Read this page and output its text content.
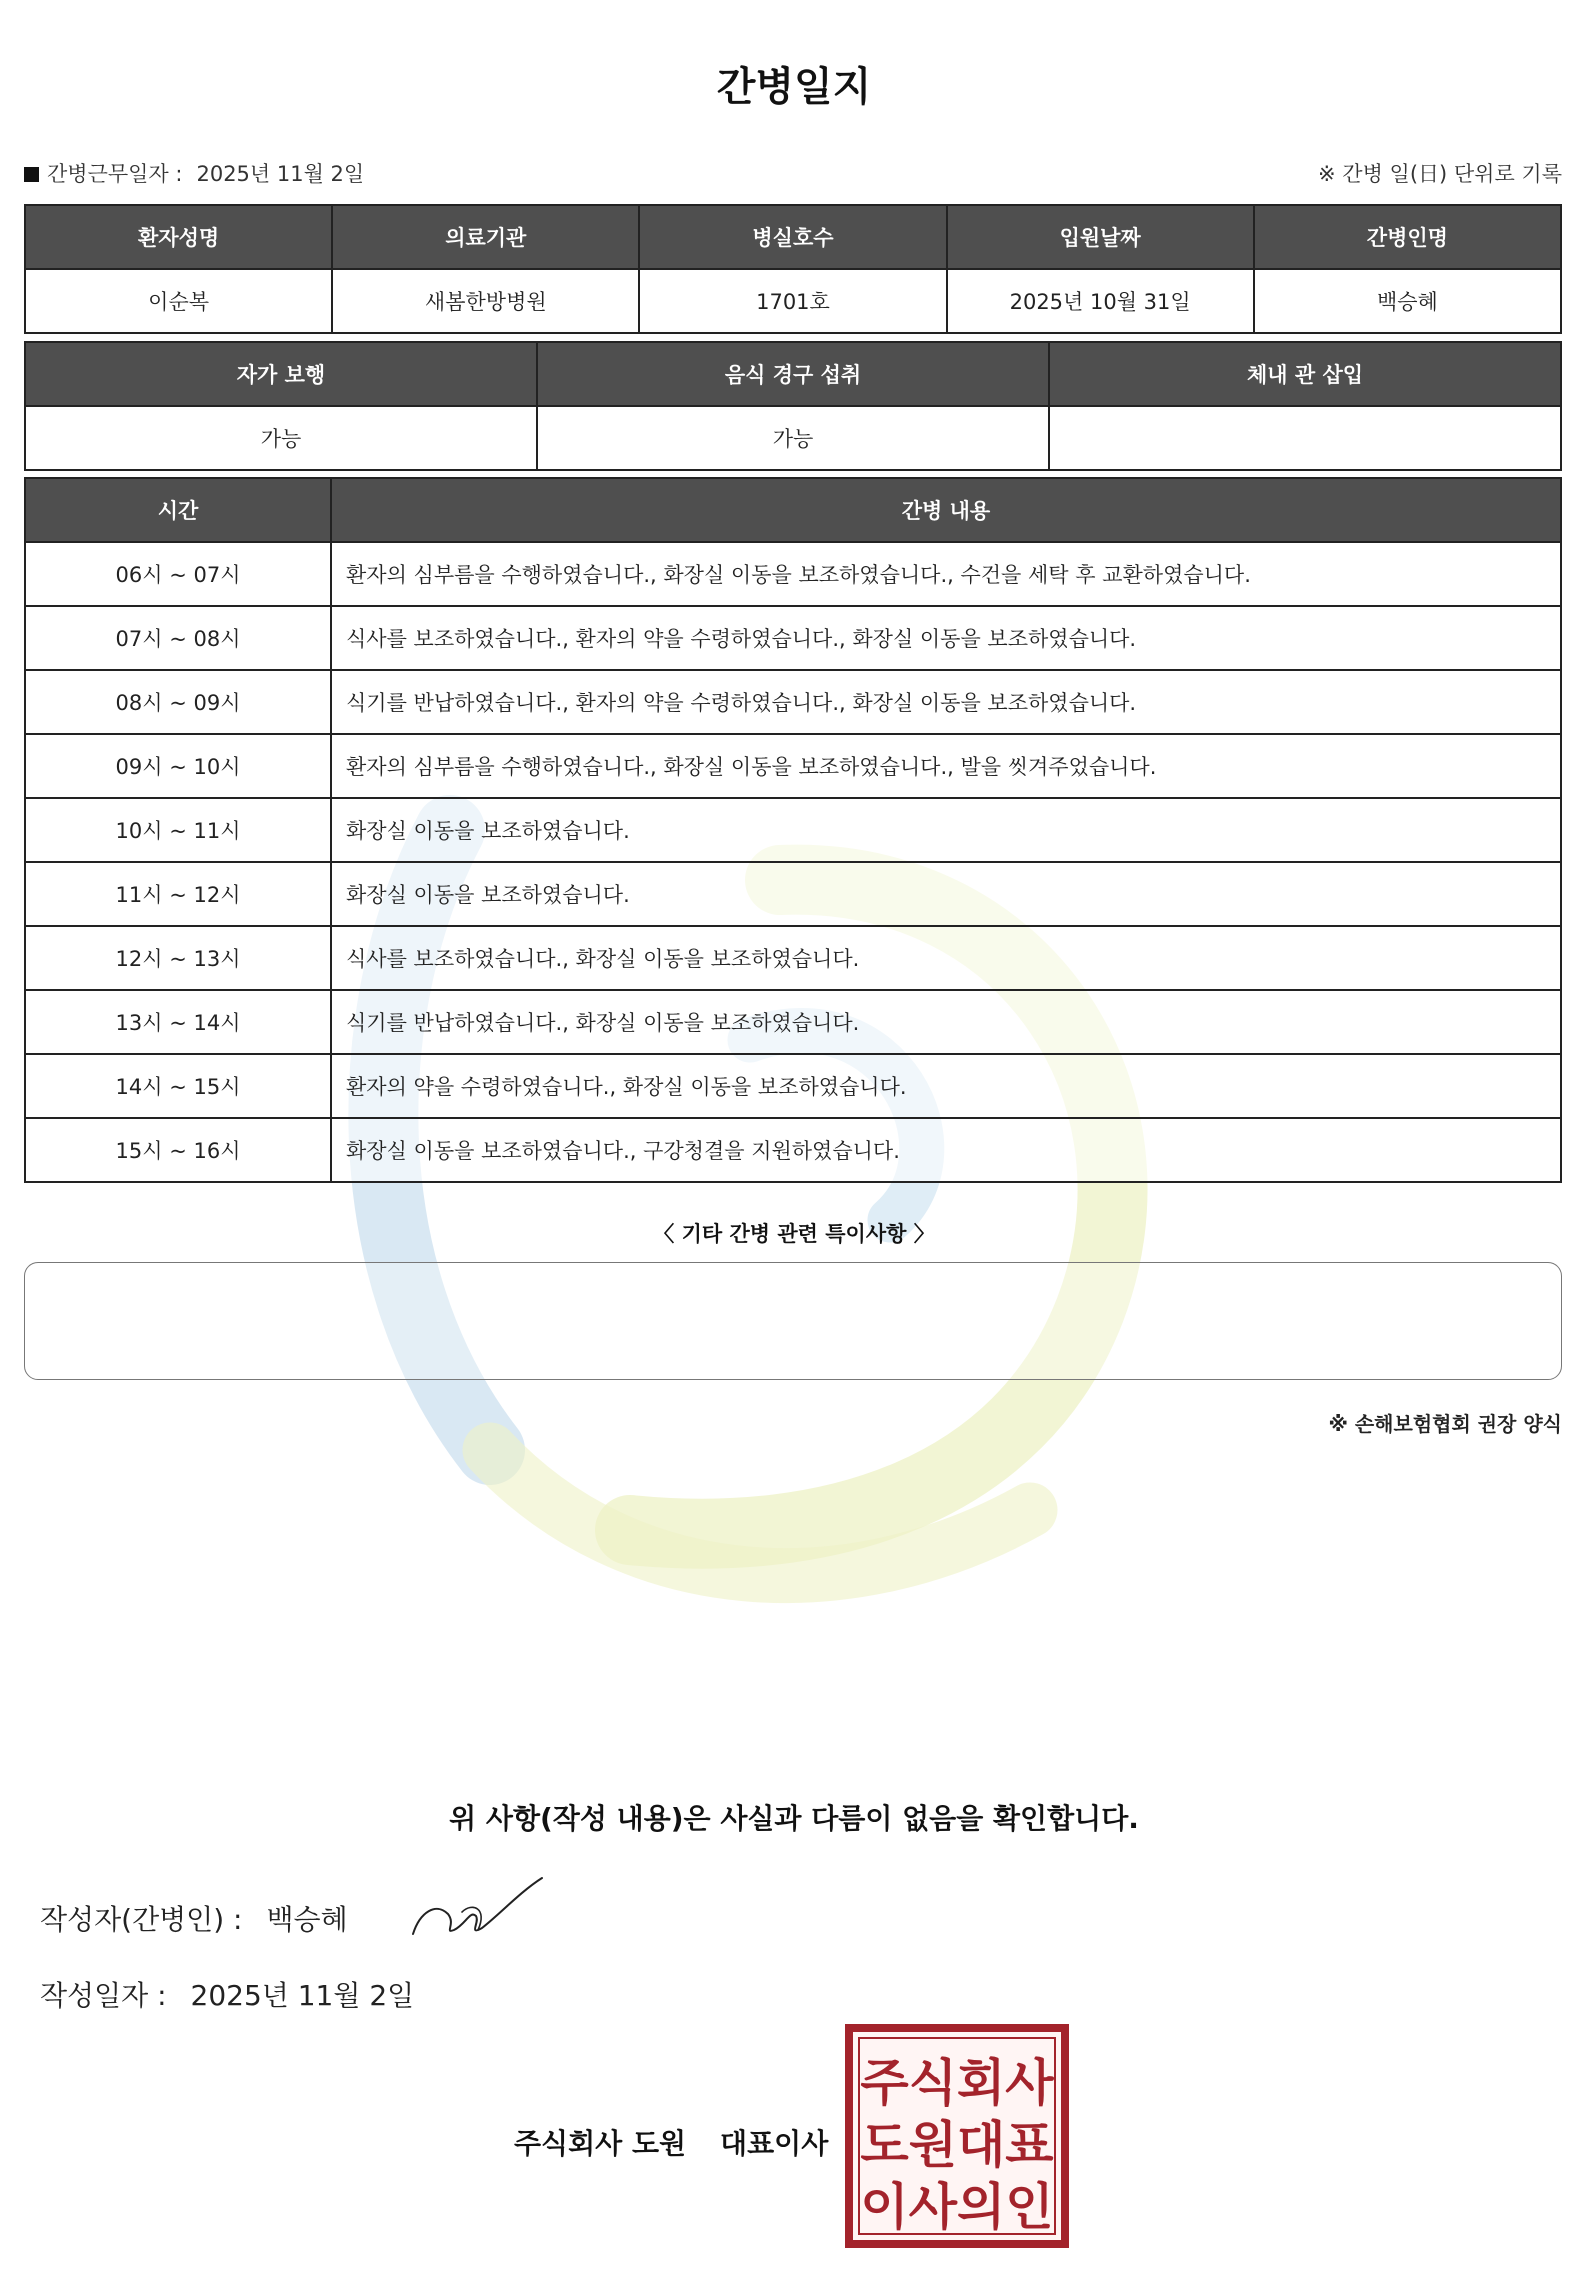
간병일지
간병근무일자 : 2025년 11월 2일	※ 간병 일(日) 단위로 기록
환자성명	의료기관	병실호수	입원날짜	간병인명
이순복	새봄한방병원	1701호	2025년 10월 31일	백승혜
자가 보행	음식 경구 섭취	체내 관 삽입
가능	가능	
시간	간병 내용
06시 ~ 07시	환자의 심부름을 수행하였습니다., 화장실 이동을 보조하였습니다., 수건을 세탁 후 교환하였습니다.
07시 ~ 08시	식사를 보조하였습니다., 환자의 약을 수령하였습니다., 화장실 이동을 보조하였습니다.
08시 ~ 09시	식기를 반납하였습니다., 환자의 약을 수령하였습니다., 화장실 이동을 보조하였습니다.
09시 ~ 10시	환자의 심부름을 수행하였습니다., 화장실 이동을 보조하였습니다., 발을 씻겨주었습니다.
10시 ~ 11시	화장실 이동을 보조하였습니다.
11시 ~ 12시	화장실 이동을 보조하였습니다.
12시 ~ 13시	식사를 보조하였습니다., 화장실 이동을 보조하였습니다.
13시 ~ 14시	식기를 반납하였습니다., 화장실 이동을 보조하였습니다.
14시 ~ 15시	환자의 약을 수령하였습니다., 화장실 이동을 보조하였습니다.
15시 ~ 16시	화장실 이동을 보조하였습니다., 구강청결을 지원하였습니다.
〈 기타 간병 관련 특이사항 〉
※ 손해보험협회 권장 양식
위 사항(작성 내용)은 사실과 다름이 없음을 확인합니다.
작성자(간병인) : 백승혜
작성일자 : 2025년 11월 2일
주식회사 도원 대표이사
주식회사
도원대표
이사의인
